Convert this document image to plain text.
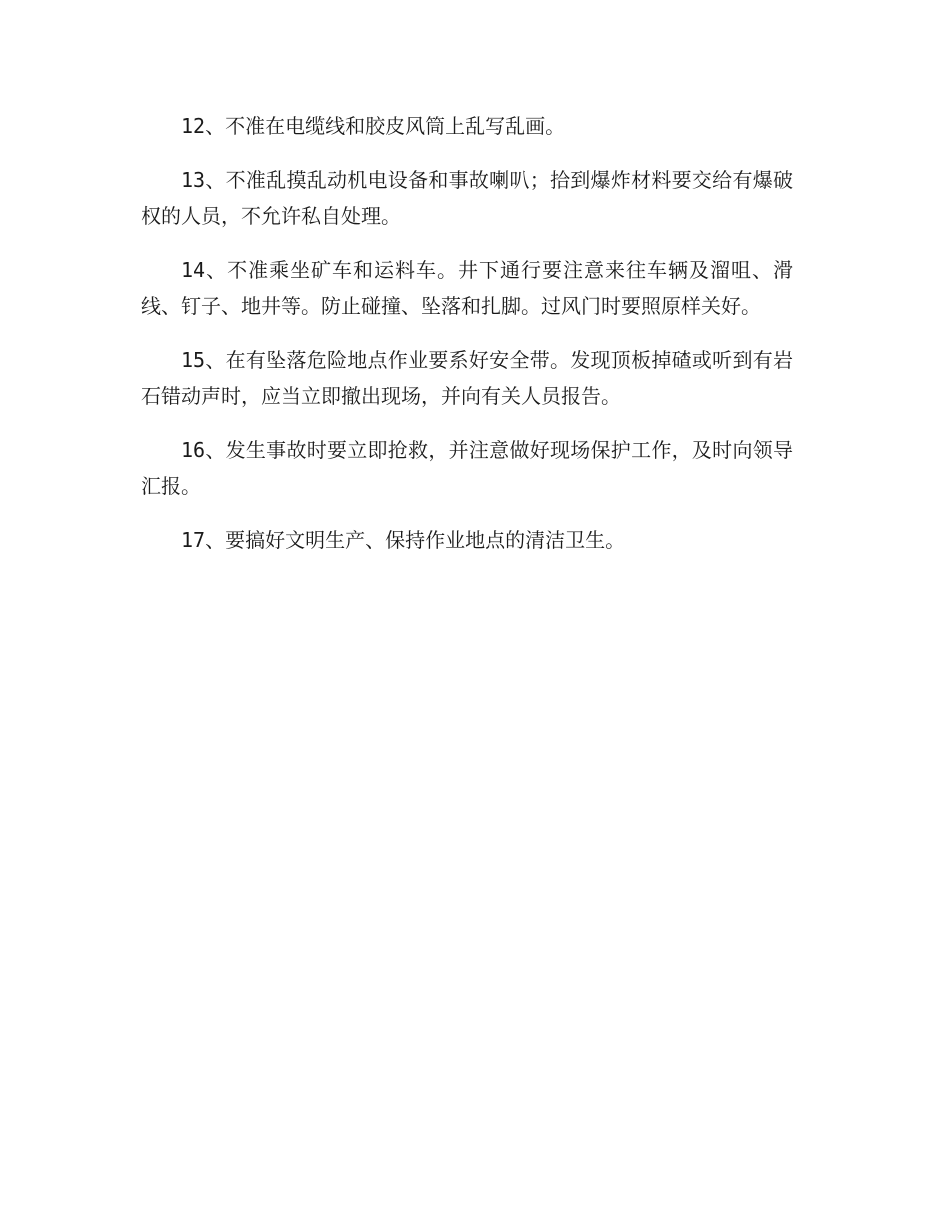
12、不准在电缆线和胶皮风筒上乱写乱画。

13、不准乱摸乱动机电设备和事故喇叭；拾到爆炸材料要交给有爆破权的人员，不允许私自处理。

14、不准乘坐矿车和运料车。井下通行要注意来往车辆及溜咀、滑线、钉子、地井等。防止碰撞、坠落和扎脚。过风门时要照原样关好。

15、在有坠落危险地点作业要系好安全带。发现顶板掉碴或听到有岩石错动声时，应当立即撤出现场，并向有关人员报告。

16、发生事故时要立即抢救，并注意做好现场保护工作，及时向领导汇报。

17、要搞好文明生产、保持作业地点的清洁卫生。
